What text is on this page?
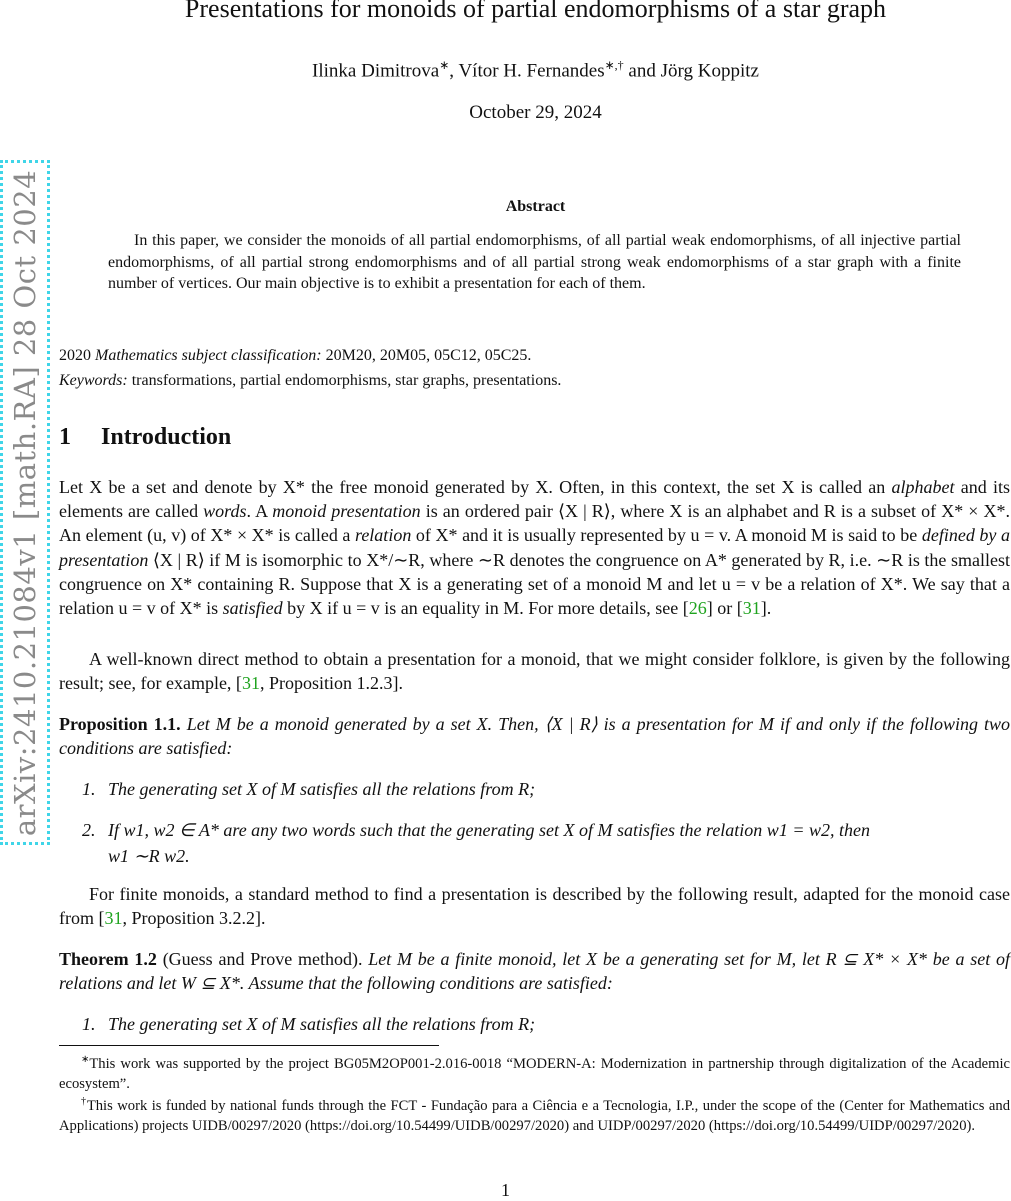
arXiv:2410.21084v1 [math.RA] 28 Oct 2024
Presentations for monoids of partial endomorphisms of a star graph
Ilinka Dimitrova∗, Vítor H. Fernandes∗,† and Jörg Koppitz
October 29, 2024
Abstract

In this paper, we consider the monoids of all partial endomorphisms, of all partial weak endomorphisms, of all injective partial endomorphisms, of all partial strong endomorphisms and of all partial strong weak endomorphisms of a star graph with a finite number of vertices. Our main objective is to exhibit a presentation for each of them.

2020 Mathematics subject classification: 20M20, 20M05, 05C12, 05C25.
Keywords: transformations, partial endomorphisms, star graphs, presentations.
1 Introduction

Let X be a set and denote by X* the free monoid generated by X. Often, in this context, the set X is called an alphabet and its elements are called words. A monoid presentation is an ordered pair ⟨X | R⟩, where X is an alphabet and R is a subset of X* × X*. An element (u, v) of X* × X* is called a relation of X* and it is usually represented by u = v. A monoid M is said to be defined by a presentation ⟨X | R⟩ if M is isomorphic to X*/∼R, where ∼R denotes the congruence on A* generated by R, i.e. ∼R is the smallest congruence on X* containing R. Suppose that X is a generating set of a monoid M and let u = v be a relation of X*. We say that a relation u = v of X* is satisfied by X if u = v is an equality in M. For more details, see [26] or [31].

A well-known direct method to obtain a presentation for a monoid, that we might consider folklore, is given by the following result; see, for example, [31, Proposition 1.2.3].

Proposition 1.1. Let M be a monoid generated by a set X. Then, ⟨X | R⟩ is a presentation for M if and only if the following two conditions are satisfied:

1. The generating set X of M satisfies all the relations from R;

2. If w1, w2 ∈ A* are any two words such that the generating set X of M satisfies the relation w1 = w2, then
w1 ∼R w2.

For finite monoids, a standard method to find a presentation is described by the following result, adapted for the monoid case from [31, Proposition 3.2.2].

Theorem 1.2 (Guess and Prove method). Let M be a finite monoid, let X be a generating set for M, let R ⊆ X* × X* be a set of relations and let W ⊆ X*. Assume that the following conditions are satisfied:

1. The generating set X of M satisfies all the relations from R;

∗This work was supported by the project BG05M2OP001-2.016-0018 “MODERN-A: Modernization in partnership through digitalization of the Academic ecosystem”.

†This work is funded by national funds through the FCT - Fundação para a Ciência e a Tecnologia, I.P., under the scope of the (Center for Mathematics and Applications) projects UIDB/00297/2020 (https://doi.org/10.54499/UIDB/00297/2020) and UIDP/00297/2020 (https://doi.org/10.54499/UIDP/00297/2020).

1
